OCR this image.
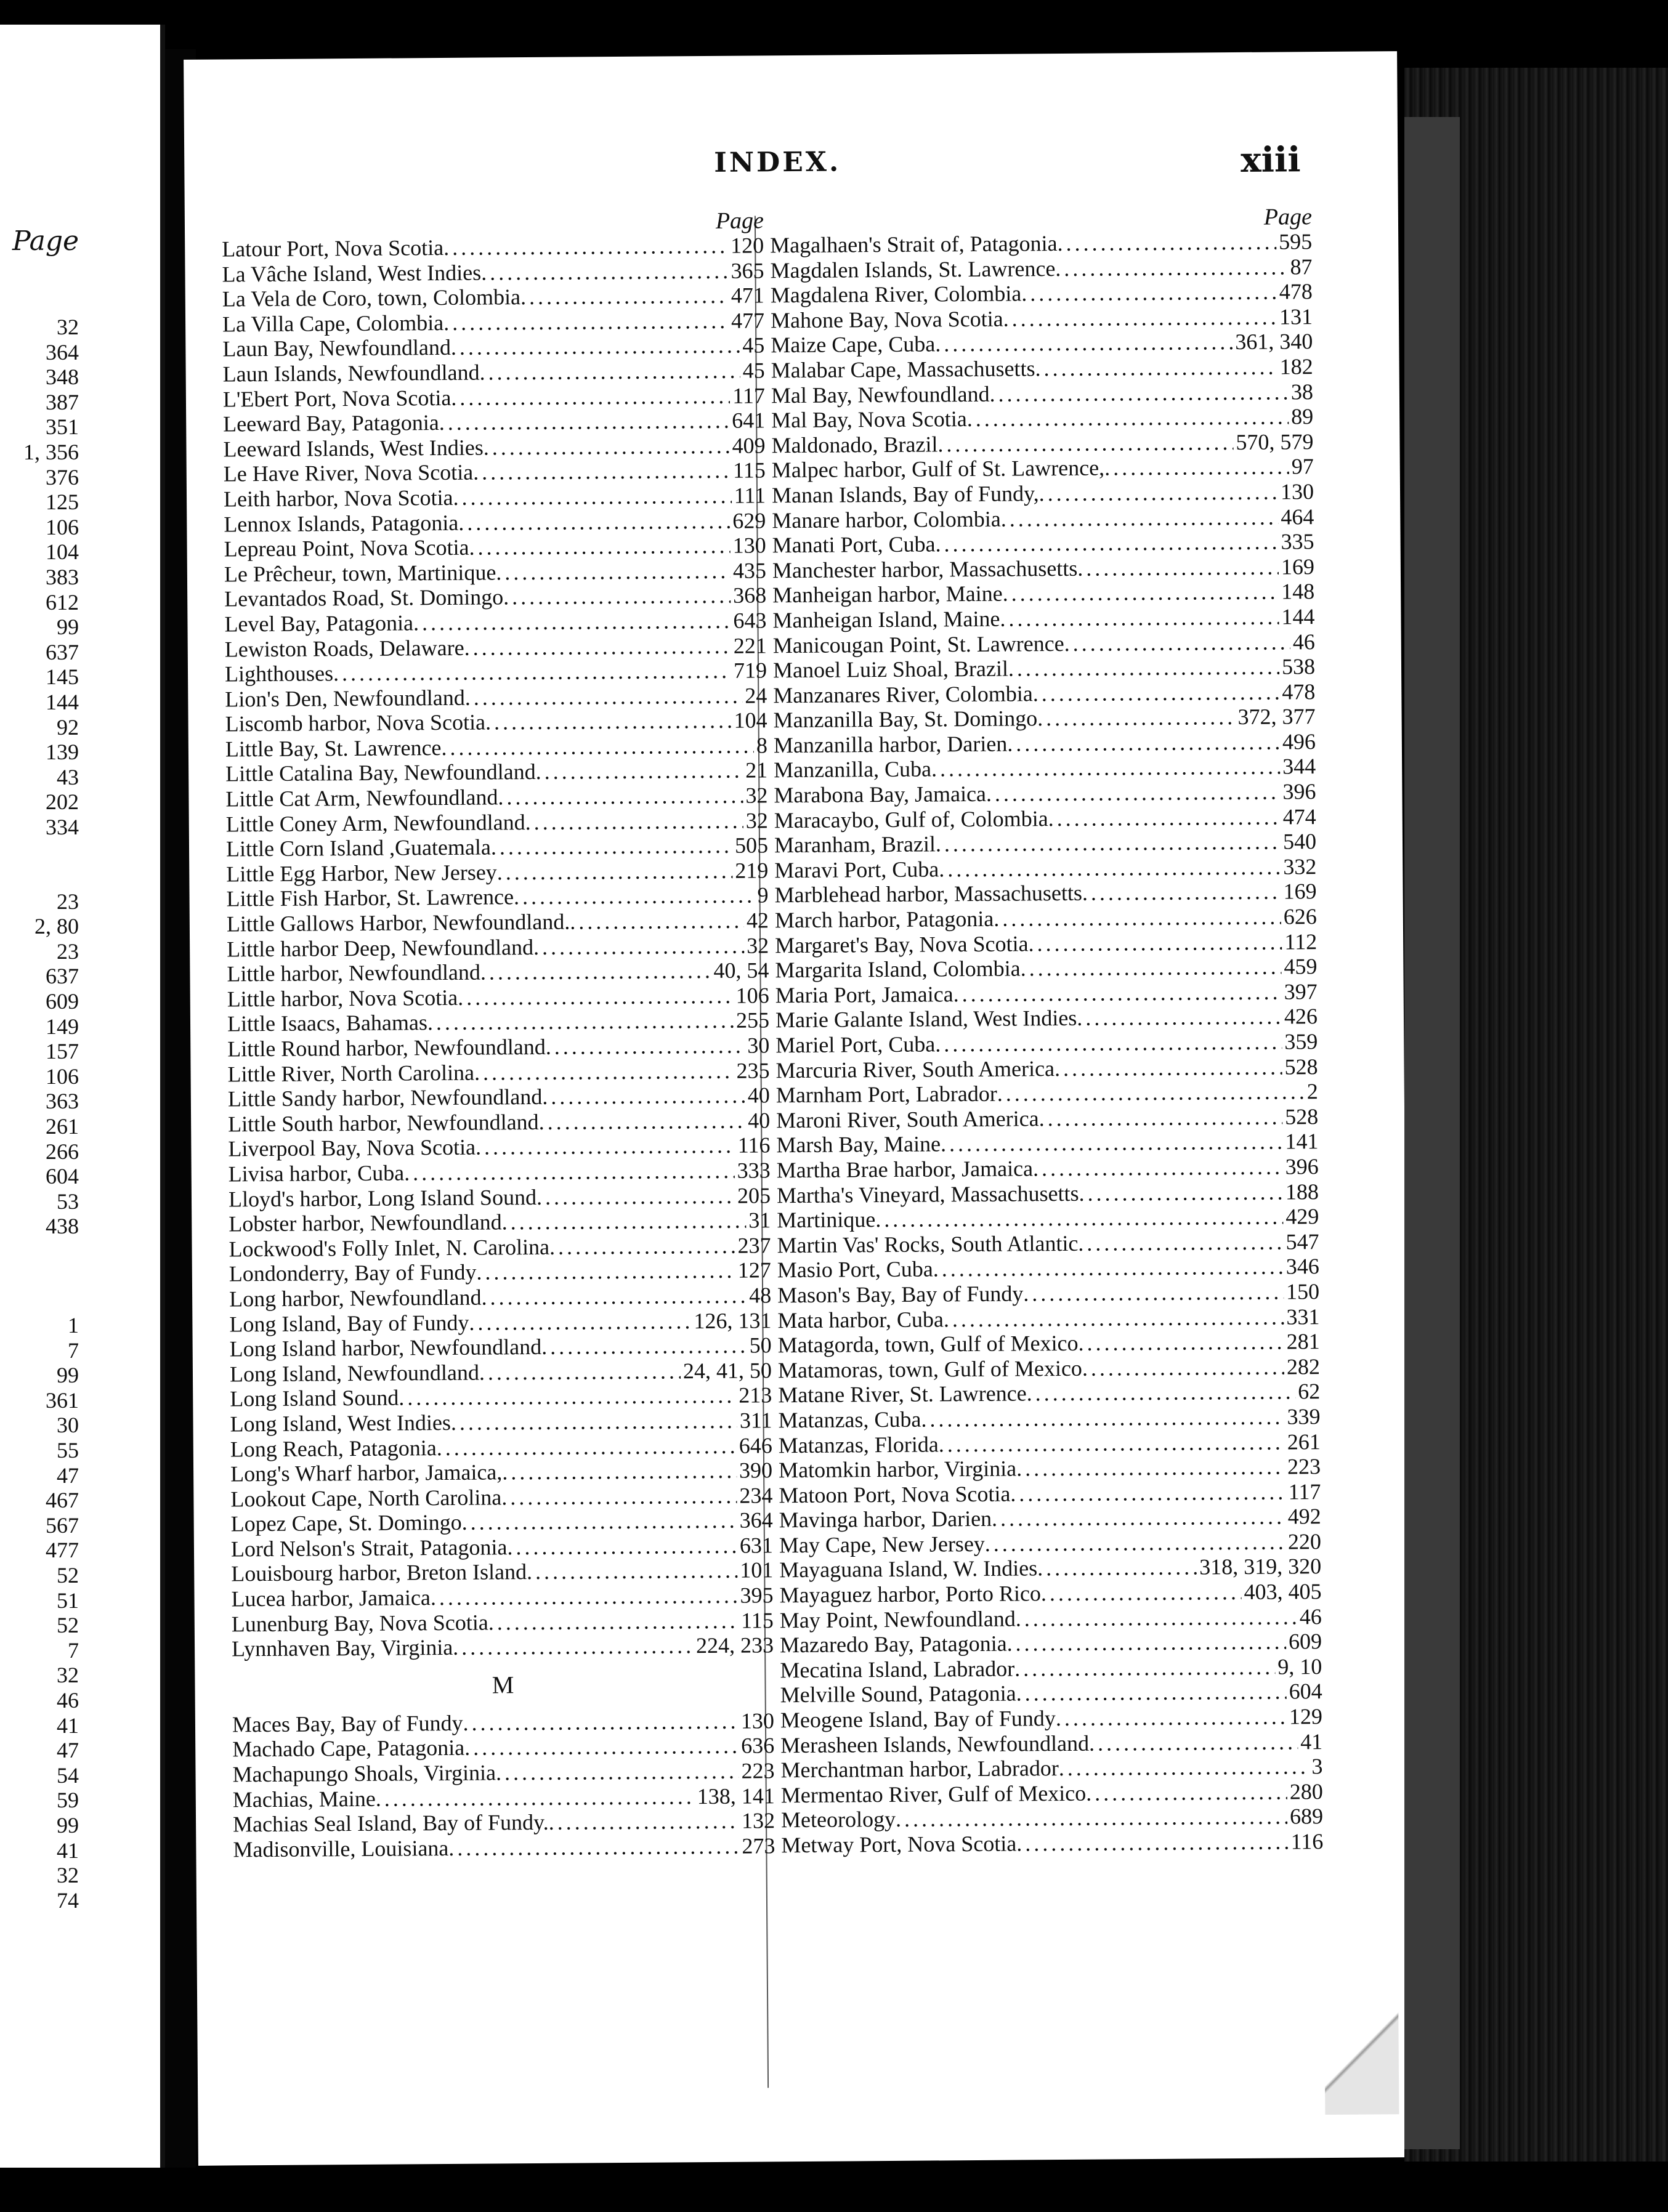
Page
32
364
348
387
351
1, 356
376
125
106
104
383
612
99
637
145
144
92
139
43
202
334
23
2, 80
23
637
609
149
157
106
363
261
266
604
53
438
1
7
99
361
30
55
47
467
567
477
52
51
52
7
32
46
41
47
54
59
99
41
32
74
INDEX.	xiii
Page
Latour Port, Nova Scotia . . .	120
La Vâche Island, West Indies . . .	365
La Vela de Coro, town, Colombia . . .	471
La Villa Cape, Colombia . . .	477
Laun Bay, Newfoundland . . .	45
Laun Islands, Newfoundland . . .	45
L'Ebert Port, Nova Scotia . . .	117
Leeward Bay, Patagonia . . .	641
Leeward Islands, West Indies . . .	409
Le Have River, Nova Scotia . . .	115
Leith harbor, Nova Scotia . . .	111
Lennox Islands, Patagonia . . .	629
Lepreau Point, Nova Scotia . . .	130
Le Prêcheur, town, Martinique . . .	435
Levantados Road, St. Domingo . . .	368
Level Bay, Patagonia . . .	643
Lewiston Roads, Delaware . . .	221
Lighthouses . . .	719
Lion's Den, Newfoundland . . .	24
Liscomb harbor, Nova Scotia . . .	104
Little Bay, St. Lawrence . . .	8
Little Catalina Bay, Newfoundland . . .	21
Little Cat Arm, Newfoundland . . .	32
Little Coney Arm, Newfoundland . . .	32
Little Corn Island ,Guatemala . . .	505
Little Egg Harbor, New Jersey . . .	219
Little Fish Harbor, St. Lawrence . . .	9
Little Gallows Harbor, Newfoundland. . . .	42
Little harbor Deep, Newfoundland . . .	32
Little harbor, Newfoundland . . .	40, 54
Little harbor, Nova Scotia . . .	106
Little Isaacs, Bahamas . . .	255
Little Round harbor, Newfoundland . . .	30
Little River, North Carolina . . .	235
Little Sandy harbor, Newfoundland . . .	40
Little South harbor, Newfoundland . . .	40
Liverpool Bay, Nova Scotia . . .	116
Livisa harbor, Cuba . . .	333
Lloyd's harbor, Long Island Sound . . .	205
Lobster harbor, Newfoundland . . .	31
Lockwood's Folly Inlet, N. Carolina . . .	237
Londonderry, Bay of Fundy . . .	127
Long harbor, Newfoundland . . .	48
Long Island, Bay of Fundy . . .	126, 131
Long Island harbor, Newfoundland . . .	50
Long Island, Newfoundland . . .	24, 41, 50
Long Island Sound . . .	213
Long Island, West Indies . . .	311
Long Reach, Patagonia . . .	646
Long's Wharf harbor, Jamaica, . . .	390
Lookout Cape, North Carolina . . .	234
Lopez Cape, St. Domingo . . .	364
Lord Nelson's Strait, Patagonia . . .	631
Louisbourg harbor, Breton Island . . .	101
Lucea harbor, Jamaica . . .	395
Lunenburg Bay, Nova Scotia . . .	115
Lynnhaven Bay, Virginia . . .	224, 233
M
Maces Bay, Bay of Fundy . . .	130
Machado Cape, Patagonia . . .	636
Machapungo Shoals, Virginia . . .	223
Machias, Maine . . .	138, 141
Machias Seal Island, Bay of Fundy. . . .	132
Madisonville, Louisiana . . .	273
Page
Magalhaen's Strait of, Patagonia . . .	595
Magdalen Islands, St. Lawrence . . .	87
Magdalena River, Colombia . . .	478
Mahone Bay, Nova Scotia . . .	131
Maize Cape, Cuba . . .	361, 340
Malabar Cape, Massachusetts . . .	182
Mal Bay, Newfoundland . . .	38
Mal Bay, Nova Scotia . . .	89
Maldonado, Brazil . . .	570, 579
Malpec harbor, Gulf of St. Lawrence, . . .	97
Manan Islands, Bay of Fundy, . . .	130
Manare harbor, Colombia . . .	464
Manati Port, Cuba . . .	335
Manchester harbor, Massachusetts . . .	169
Manheigan harbor, Maine . . .	148
Manheigan Island, Maine . . .	144
Manicougan Point, St. Lawrence . . .	46
Manoel Luiz Shoal, Brazil . . .	538
Manzanares River, Colombia . . .	478
Manzanilla Bay, St. Domingo . . .	372, 377
Manzanilla harbor, Darien . . .	496
Manzanilla, Cuba . . .	344
Marabona Bay, Jamaica . . .	396
Maracaybo, Gulf of, Colombia . . .	474
Maranham, Brazil . . .	540
Maravi Port, Cuba . . .	332
Marblehead harbor, Massachusetts . . .	169
March harbor, Patagonia . . .	626
Margaret's Bay, Nova Scotia . . .	112
Margarita Island, Colombia . . .	459
Maria Port, Jamaica . . .	397
Marie Galante Island, West Indies . . .	426
Mariel Port, Cuba . . .	359
Marcuria River, South America . . .	528
Marnham Port, Labrador . . .	2
Maroni River, South America . . .	528
Marsh Bay, Maine . . .	141
Martha Brae harbor, Jamaica . . .	396
Martha's Vineyard, Massachusetts . . .	188
Martinique . . .	429
Martin Vas' Rocks, South Atlantic . . .	547
Masio Port, Cuba . . .	346
Mason's Bay, Bay of Fundy . . .	150
Mata harbor, Cuba . . .	331
Matagorda, town, Gulf of Mexico . . .	281
Matamoras, town, Gulf of Mexico . . .	282
Matane River, St. Lawrence . . .	62
Matanzas, Cuba . . .	339
Matanzas, Florida . . .	261
Matomkin harbor, Virginia . . .	223
Matoon Port, Nova Scotia . . .	117
Mavinga harbor, Darien . . .	492
May Cape, New Jersey . . .	220
Mayaguana Island, W. Indies . . .	318, 319, 320
Mayaguez harbor, Porto Rico . . .	403, 405
May Point, Newfoundland . . .	46
Mazaredo Bay, Patagonia . . .	609
Mecatina Island, Labrador . . .	9, 10
Melville Sound, Patagonia . . .	604
Meogene Island, Bay of Fundy . . .	129
Merasheen Islands, Newfoundland . . .	41
Merchantman harbor, Labrador . . .	3
Mermentao River, Gulf of Mexico . . .	280
Meteorology . . .	689
Metway Port, Nova Scotia . . .	116
